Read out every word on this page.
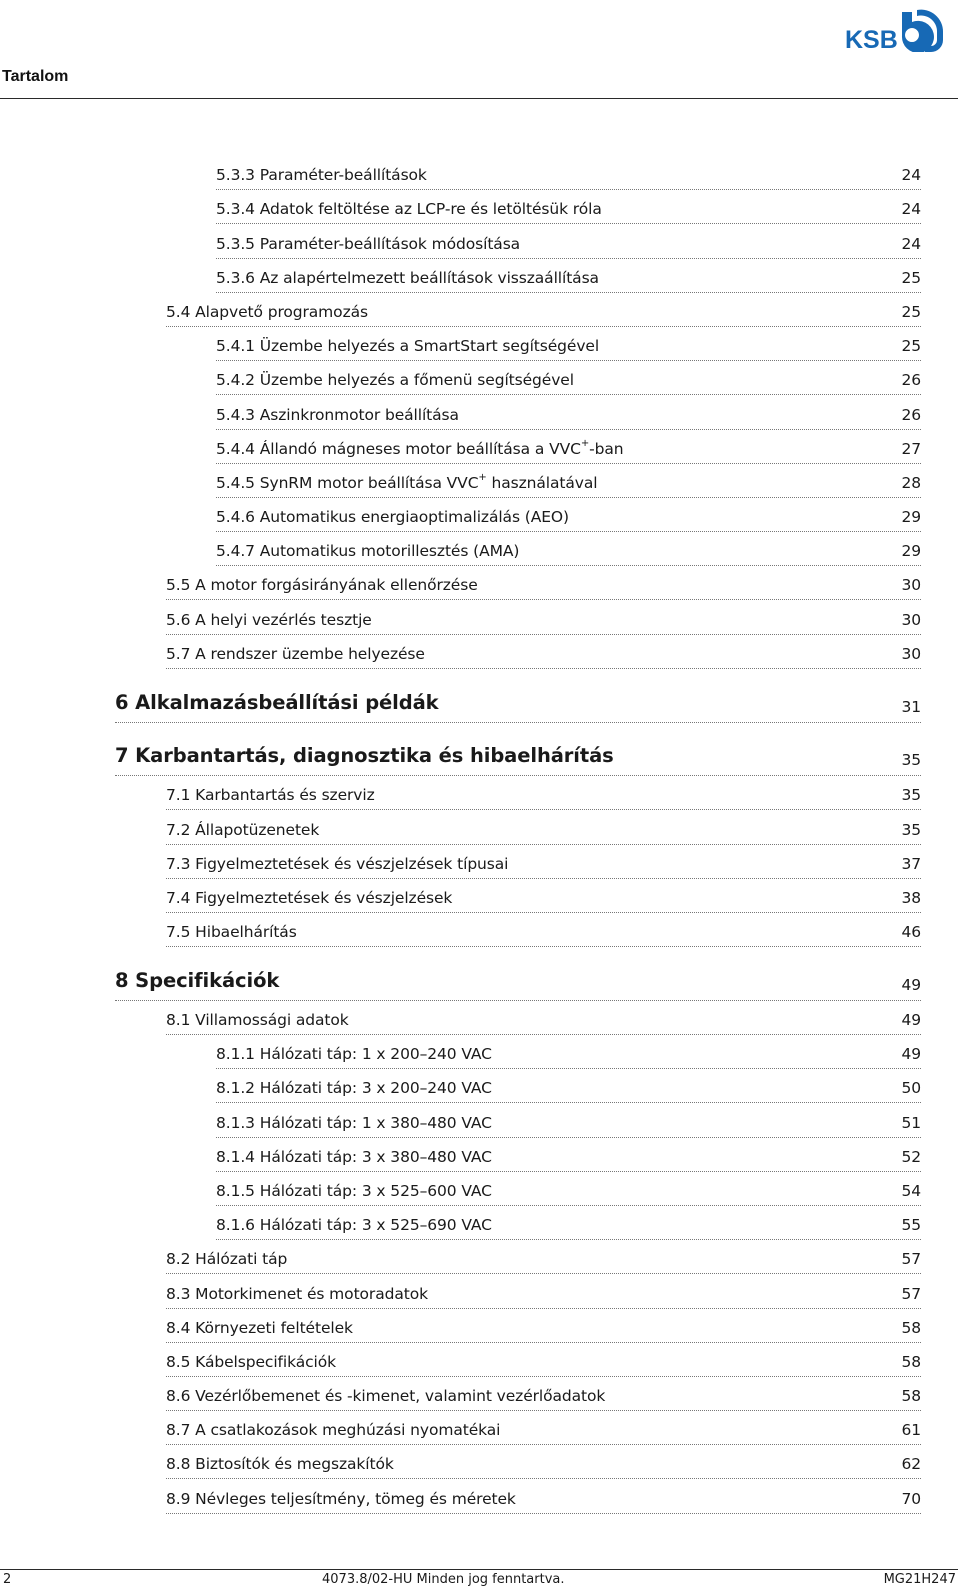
Tartalom
KSB
5.3.3 Paraméter-beállítások	24
5.3.4 Adatok feltöltése az LCP-re és letöltésük róla	24
5.3.5 Paraméter-beállítások módosítása	24
5.3.6 Az alapértelmezett beállítások visszaállítása	25
5.4 Alapvető programozás	25
5.4.1 Üzembe helyezés a SmartStart segítségével	25
5.4.2 Üzembe helyezés a főmenü segítségével	26
5.4.3 Aszinkronmotor beállítása	26
5.4.4 Állandó mágneses motor beállítása a VVC+-ban	27
5.4.5 SynRM motor beállítása VVC+ használatával	28
5.4.6 Automatikus energiaoptimalizálás (AEO)	29
5.4.7 Automatikus motorillesztés (AMA)	29
5.5 A motor forgásirányának ellenőrzése	30
5.6 A helyi vezérlés tesztje	30
5.7 A rendszer üzembe helyezése	30
6 Alkalmazásbeállítási példák	31
7 Karbantartás, diagnosztika és hibaelhárítás	35
7.1 Karbantartás és szerviz	35
7.2 Állapotüzenetek	35
7.3 Figyelmeztetések és vészjelzések típusai	37
7.4 Figyelmeztetések és vészjelzések	38
7.5 Hibaelhárítás	46
8 Specifikációk	49
8.1 Villamossági adatok	49
8.1.1 Hálózati táp: 1 x 200–240 VAC	49
8.1.2 Hálózati táp: 3 x 200–240 VAC	50
8.1.3 Hálózati táp: 1 x 380–480 VAC	51
8.1.4 Hálózati táp: 3 x 380–480 VAC	52
8.1.5 Hálózati táp: 3 x 525–600 VAC	54
8.1.6 Hálózati táp: 3 x 525–690 VAC	55
8.2 Hálózati táp	57
8.3 Motorkimenet és motoradatok	57
8.4 Környezeti feltételek	58
8.5 Kábelspecifikációk	58
8.6 Vezérlőbemenet és -kimenet, valamint vezérlőadatok	58
8.7 A csatlakozások meghúzási nyomatékai	61
8.8 Biztosítók és megszakítók	62
8.9 Névleges teljesítmény, tömeg és méretek	70
2	4073.8/02-HU Minden jog fenntartva.	MG21H247
